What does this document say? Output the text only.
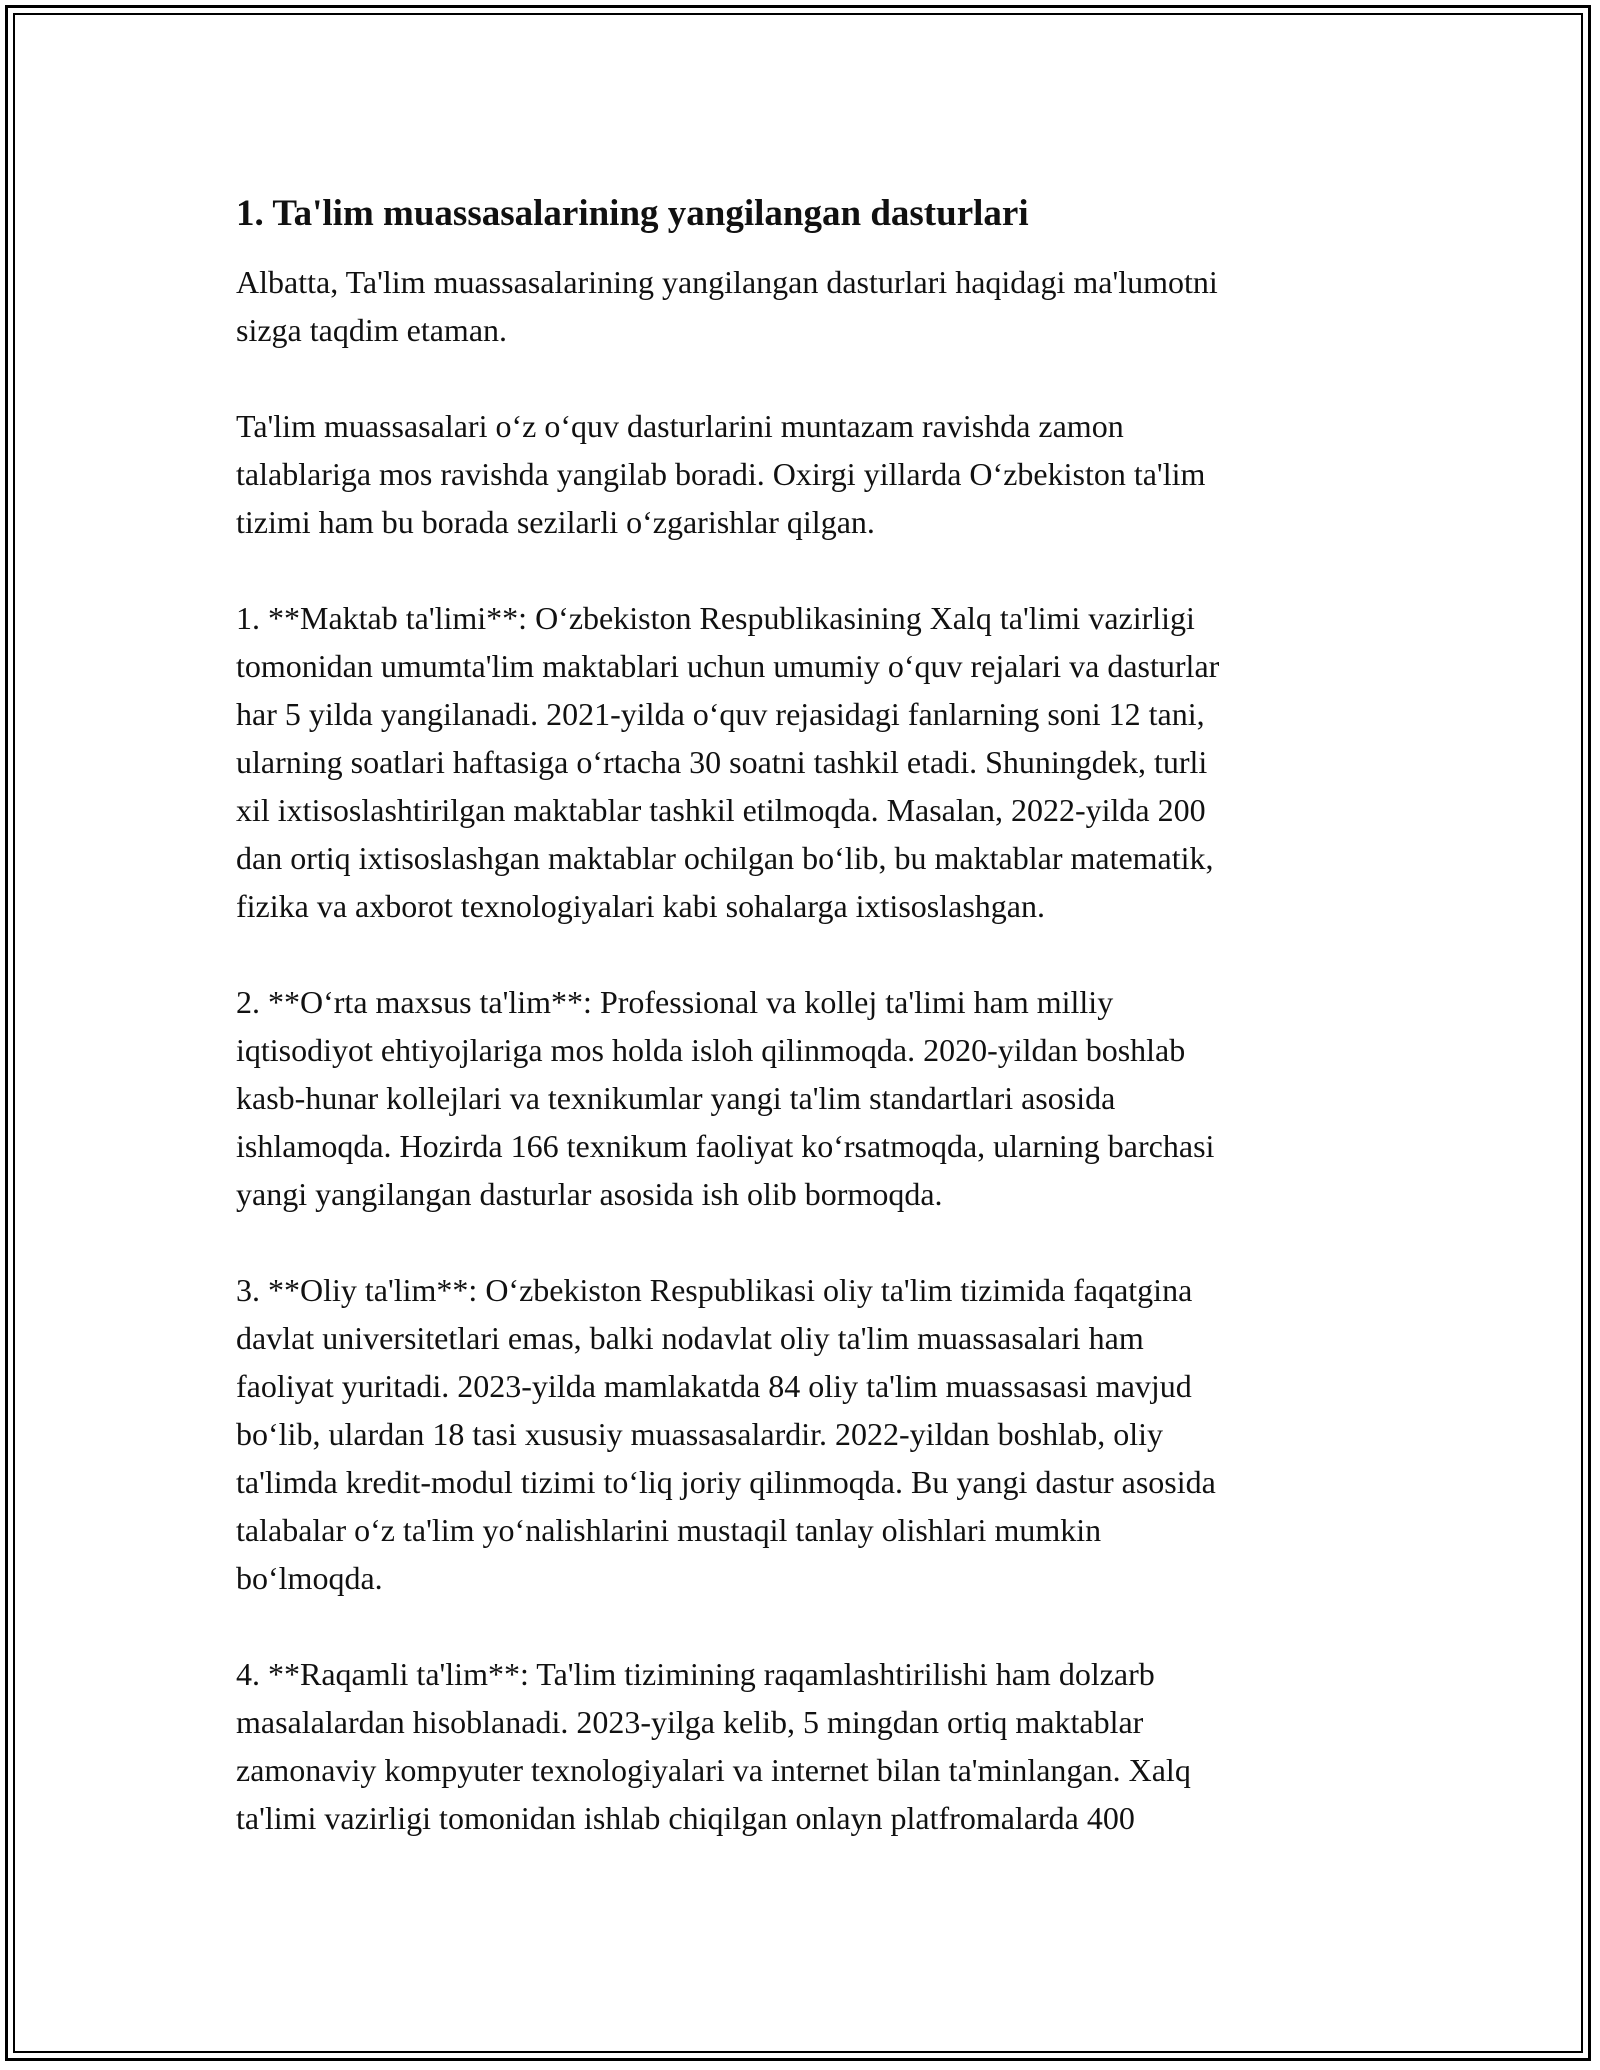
1. Ta'lim muassasalarining yangilangan dasturlari
Albatta, Ta'lim muassasalarining yangilangan dasturlari haqidagi ma'lumotni
sizga taqdim etaman.
Ta'lim muassasalari o‘z o‘quv dasturlarini muntazam ravishda zamon
talablariga mos ravishda yangilab boradi. Oxirgi yillarda O‘zbekiston ta'lim
tizimi ham bu borada sezilarli o‘zgarishlar qilgan.
1. **Maktab ta'limi**: O‘zbekiston Respublikasining Xalq ta'limi vazirligi
tomonidan umumta'lim maktablari uchun umumiy o‘quv rejalari va dasturlar
har 5 yilda yangilanadi. 2021-yilda o‘quv rejasidagi fanlarning soni 12 tani,
ularning soatlari haftasiga o‘rtacha 30 soatni tashkil etadi. Shuningdek, turli
xil ixtisoslashtirilgan maktablar tashkil etilmoqda. Masalan, 2022-yilda 200
dan ortiq ixtisoslashgan maktablar ochilgan bo‘lib, bu maktablar matematik,
fizika va axborot texnologiyalari kabi sohalarga ixtisoslashgan.
2. **O‘rta maxsus ta'lim**: Professional va kollej ta'limi ham milliy
iqtisodiyot ehtiyojlariga mos holda isloh qilinmoqda. 2020-yildan boshlab
kasb-hunar kollejlari va texnikumlar yangi ta'lim standartlari asosida
ishlamoqda. Hozirda 166 texnikum faoliyat ko‘rsatmoqda, ularning barchasi
yangi yangilangan dasturlar asosida ish olib bormoqda.
3. **Oliy ta'lim**: O‘zbekiston Respublikasi oliy ta'lim tizimida faqatgina
davlat universitetlari emas, balki nodavlat oliy ta'lim muassasalari ham
faoliyat yuritadi. 2023-yilda mamlakatda 84 oliy ta'lim muassasasi mavjud
bo‘lib, ulardan 18 tasi xususiy muassasalardir. 2022-yildan boshlab, oliy
ta'limda kredit-modul tizimi to‘liq joriy qilinmoqda. Bu yangi dastur asosida
talabalar o‘z ta'lim yo‘nalishlarini mustaqil tanlay olishlari mumkin
bo‘lmoqda.
4. **Raqamli ta'lim**: Ta'lim tizimining raqamlashtirilishi ham dolzarb
masalalardan hisoblanadi. 2023-yilga kelib, 5 mingdan ortiq maktablar
zamonaviy kompyuter texnologiyalari va internet bilan ta'minlangan. Xalq
ta'limi vazirligi tomonidan ishlab chiqilgan onlayn platfromalarda 400
